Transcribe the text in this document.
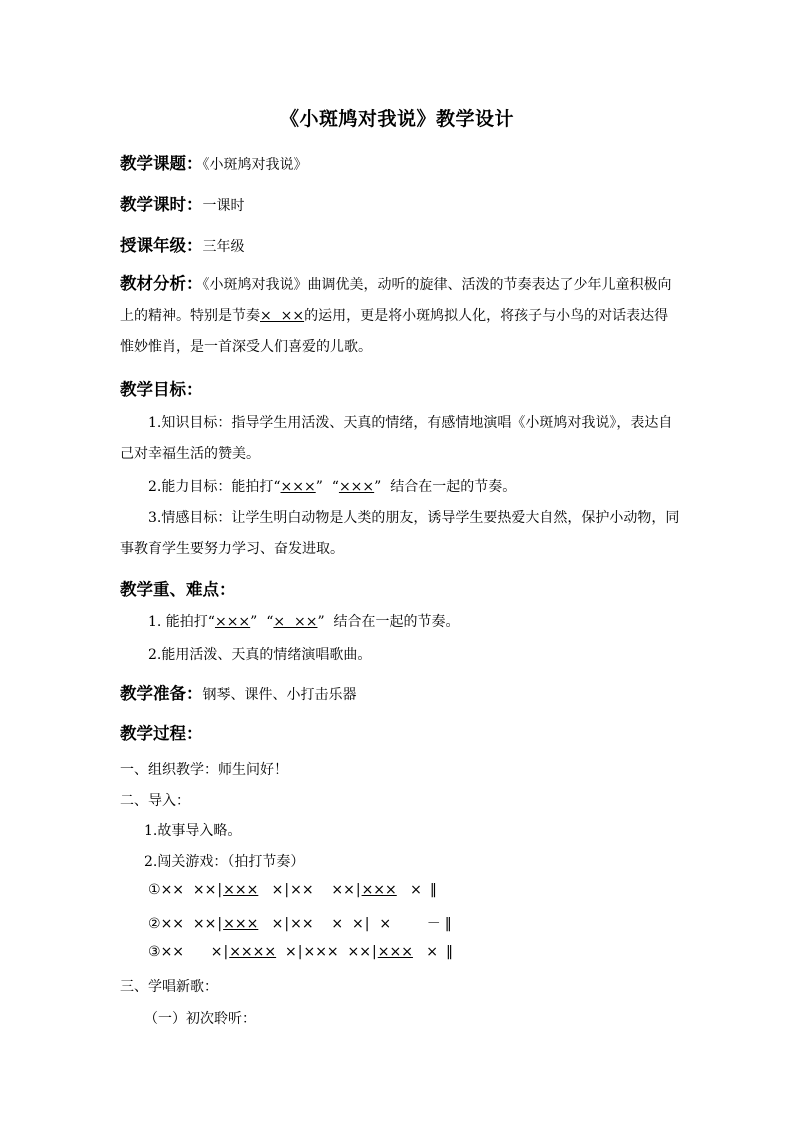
《小斑鸠对我说》教学设计
教学课题：《小斑鸠对我说》
教学课时：一课时
授课年级：三年级
教材分析：《小斑鸠对我说》曲调优美，动听的旋律、活泼的节奏表达了少年儿童积极向上的精神。特别是节奏×  ××的运用，更是将小斑鸠拟人化，将孩子与小鸟的对话表达得惟妙惟肖，是一首深受人们喜爱的儿歌。
教学目标：
1.知识目标：指导学生用活泼、天真的情绪，有感情地演唱《小斑鸠对我说》，表达自己对幸福生活的赞美。
2.能力目标：能拍打“×××”  “×××”  结合在一起的节奏。
3.情感目标：让学生明白动物是人类的朋友，诱导学生要热爱大自然，保护小动物，同事教育学生要努力学习、奋发进取。
教学重、难点：
1. 能拍打“×××”  “×  ××”  结合在一起的节奏。
2.能用活泼、天真的情绪演唱歌曲。
教学准备：钢琴、课件、小打击乐器
教学过程：
一、组织教学：师生问好！
二、导入：
1.故事导入略。
2.闯关游戏：（拍打节奏）
①××  ××|×××   ×|××    ××|×××   × ‖
②××  ××|×××   ×|××    ×  ×|  ×        － ‖
③××      ×|××××  ×|×××  ××|×××   × ‖
三、学唱新歌：
（一）初次聆听：
